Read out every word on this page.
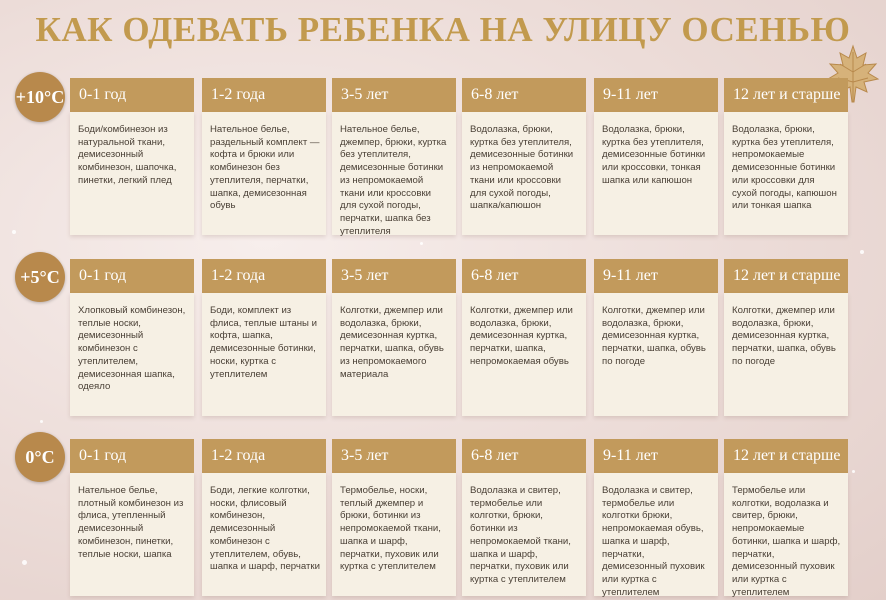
КАК ОДЕВАТЬ РЕБЕНКА НА УЛИЦУ ОСЕНЬЮ
+10°C 0-1 год
Боди/комбинезон из натуральной ткани, демисезонный комбинезон, шапочка, пинетки, легкий плед
1-2 года
Нательное белье, раздельный комплект — кофта и брюки или комбинезон без утеплителя, перчатки, шапка, демисезонная обувь
3-5 лет
Нательное белье, джемпер, брюки, куртка без утеплителя, демисезонные ботинки из непромокаемой ткани или кроссовки для сухой погоды, перчатки, шапка без утеплителя
6-8 лет
Водолазка, брюки, куртка без утеплителя, демисезонные ботинки из непромокаемой ткани или кроссовки для сухой погоды, шапка/капюшон
9-11 лет
Водолазка, брюки, куртка без утеплителя, демисезонные ботинки или кроссовки, тонкая шапка или капюшон
12 лет и старше
Водолазка, брюки, куртка без утеплителя, непромокаемые демисезонные ботинки или кроссовки для сухой погоды, капюшон или тонкая шапка
+5°C	0-1 год
Хлопковый комбинезон, теплые носки, демисезонный комбинезон с утеплителем, демисезонная шапка, одеяло
1-2 года
Боди, комплект из флиса, теплые штаны и кофта, шапка, демисезонные ботинки, носки, куртка с утеплителем
3-5 лет
Колготки, джемпер или водолазка, брюки, демисезонная куртка, перчатки, шапка, обувь из непромокаемого материала
6-8 лет
Колготки, джемпер или водолазка, брюки, демисезонная куртка, перчатки, шапка, непромокаемая обувь
9-11 лет
Колготки, джемпер или водолазка, брюки, демисезонная куртка, перчатки, шапка, обувь по погоде
12 лет и старше
Колготки, джемпер или водолазка, брюки, демисезонная куртка, перчатки, шапка, обувь по погоде
0°C	0-1 год
Нательное белье, плотный комбинезон из флиса, утепленный демисезонный комбинезон, пинетки, теплые носки, шапка
1-2 года
Боди, легкие колготки, носки, флисовый комбинезон, демисезонный комбинезон с утеплителем, обувь, шапка и шарф, перчатки
3-5 лет
Термобелье, носки, теплый джемпер и брюки, ботинки из непромокаемой ткани, шапка и шарф, перчатки, пуховик или куртка с утеплителем
6-8 лет
Водолазка и свитер, термобелье или колготки, брюки, ботинки из непромокаемой ткани, шапка и шарф, перчатки, пуховик или куртка с утеплителем
9-11 лет
Водолазка и свитер, термобелье или колготки брюки, непромокаемая обувь, шапка и шарф, перчатки, демисезонный пуховик или куртка с утеплителем
12 лет и старше
Термобелье или колготки, водолазка и свитер, брюки, непромокаемые ботинки, шапка и шарф, перчатки, демисезонный пуховик или куртка с утеплителем
